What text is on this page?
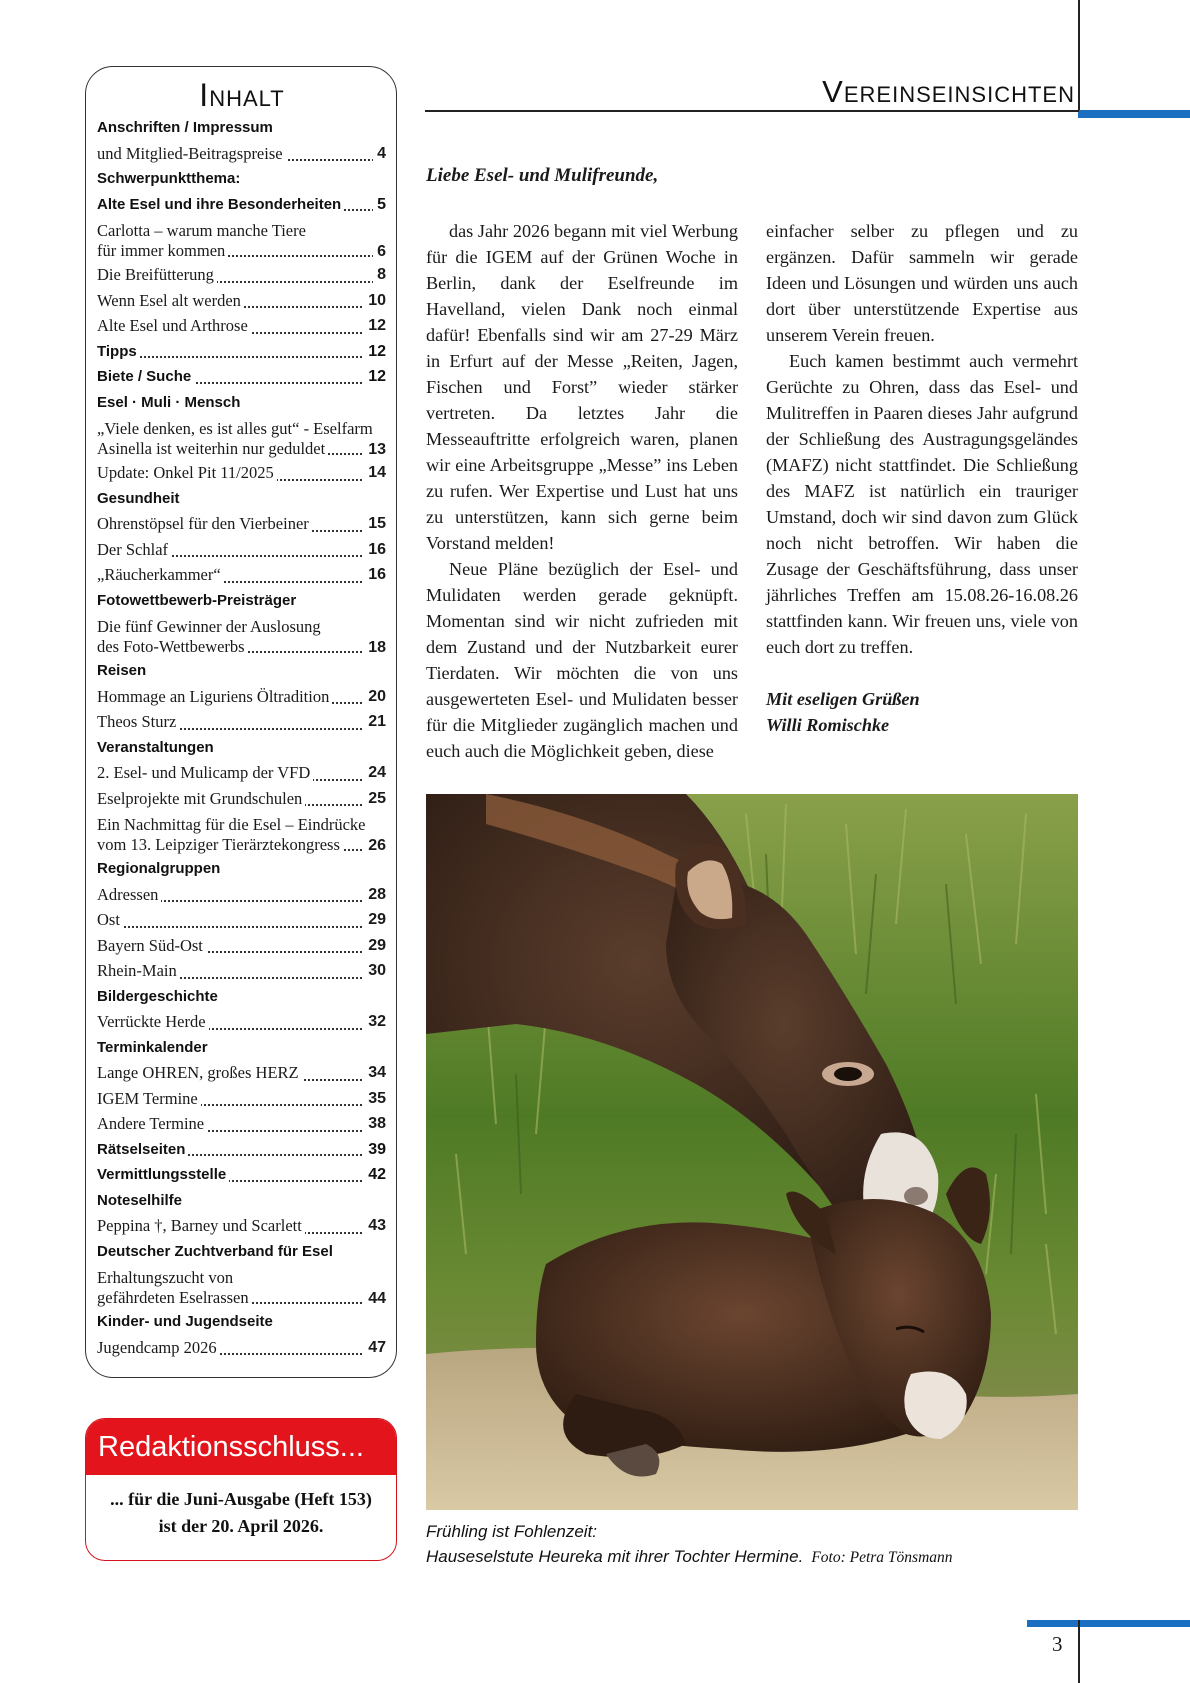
3
Inhalt
Anschriften / Impressum
und Mitglied-Beitragspreise	4
Schwerpunktthema:
Alte Esel und ihre Besonderheiten 5
Carlotta – warum manche Tiere
für immer kommen	6
Die Breifütterung	8
Wenn Esel alt werden	10
Alte Esel und Arthrose	12
Tipps	12
Biete / Suche	12
Esel · Muli · Mensch
„Viele denken, es ist alles gut“ - Eselfarm
Asinella ist weiterhin nur geduldet	13
Update: Onkel Pit 11/2025	14
Gesundheit
Ohrenstöpsel für den Vierbeiner	15
Der Schlaf	16
„Räucherkammer“	16
Fotowettbewerb-Preisträger
Die fünf Gewinner der Auslosung
des Foto-Wettbewerbs	18
Reisen
Hommage an Liguriens Öltradition 20
Theos Sturz	21
Veranstaltungen
2. Esel- und Mulicamp der VFD	24
Eselprojekte mit Grundschulen	25
Ein Nachmittag für die Esel – Eindrücke
vom 13. Leipziger Tierärztekongress 26
Regionalgruppen
Adressen	28
Ost	29
Bayern Süd-Ost	29
Rhein-Main	30
Bildergeschichte
Verrückte Herde	32
Terminkalender
Lange OHREN, großes HERZ	34
IGEM Termine	35
Andere Termine	38
Rätselseiten	39
Vermittlungsstelle	42
Noteselhilfe
Peppina †, Barney und Scarlett	43
Deutscher Zuchtverband für Esel
Erhaltungszucht von
gefährdeten Eselrassen	44
Kinder- und Jugendseite
Jugendcamp 2026	47
Redaktionsschluss...
... für die Juni-Ausgabe (Heft 153)
ist der 20. April 2026.
Vereinseinsichten
Liebe Esel- und Mulifreunde,

das Jahr 2026 begann mit viel Werbung für die IGEM auf der Grünen Woche in Berlin, dank der Eselfreunde im Havelland, vielen Dank noch einmal dafür! Ebenfalls sind wir am 27-29 März in Erfurt auf der Messe „Reiten, Jagen, Fischen und Forst” wieder stärker vertreten. Da letztes Jahr die Messeauftritte erfolgreich waren, planen wir eine Arbeitsgruppe „Messe” ins Leben zu rufen. Wer Expertise und Lust hat uns zu unterstützen, kann sich gerne beim Vorstand melden!

Neue Pläne bezüglich der Esel- und Mulidaten werden gerade geknüpft. Momentan sind wir nicht zufrieden mit dem Zustand und der Nutzbarkeit eurer Tierdaten. Wir möchten die von uns ausgewerteten Esel- und Mulidaten besser für die Mitglieder zugänglich machen und euch auch die Möglichkeit geben, diese

einfacher selber zu pflegen und zu ergänzen. Dafür sammeln wir gerade Ideen und Lösungen und würden uns auch dort über unterstützende Expertise aus unserem Verein freuen.

Euch kamen bestimmt auch vermehrt Gerüchte zu Ohren, dass das Esel- und Mulitreffen in Paaren dieses Jahr aufgrund der Schließung des Austragungsgeländes (MAFZ) nicht stattfindet. Die Schließung des MAFZ ist natürlich ein trauriger Umstand, doch wir sind davon zum Glück noch nicht betroffen. Wir haben die Zusage der Geschäftsführung, dass unser jährliches Treffen am 15.08.26-16.08.26 stattfinden kann. Wir freuen uns, viele von euch dort zu treffen.

Mit eseligen Grüßen

Willi Romischke

Frühling ist Fohlenzeit:
Hauseselstute Heureka mit ihrer Tochter Hermine. Foto: Petra Tönsmann
